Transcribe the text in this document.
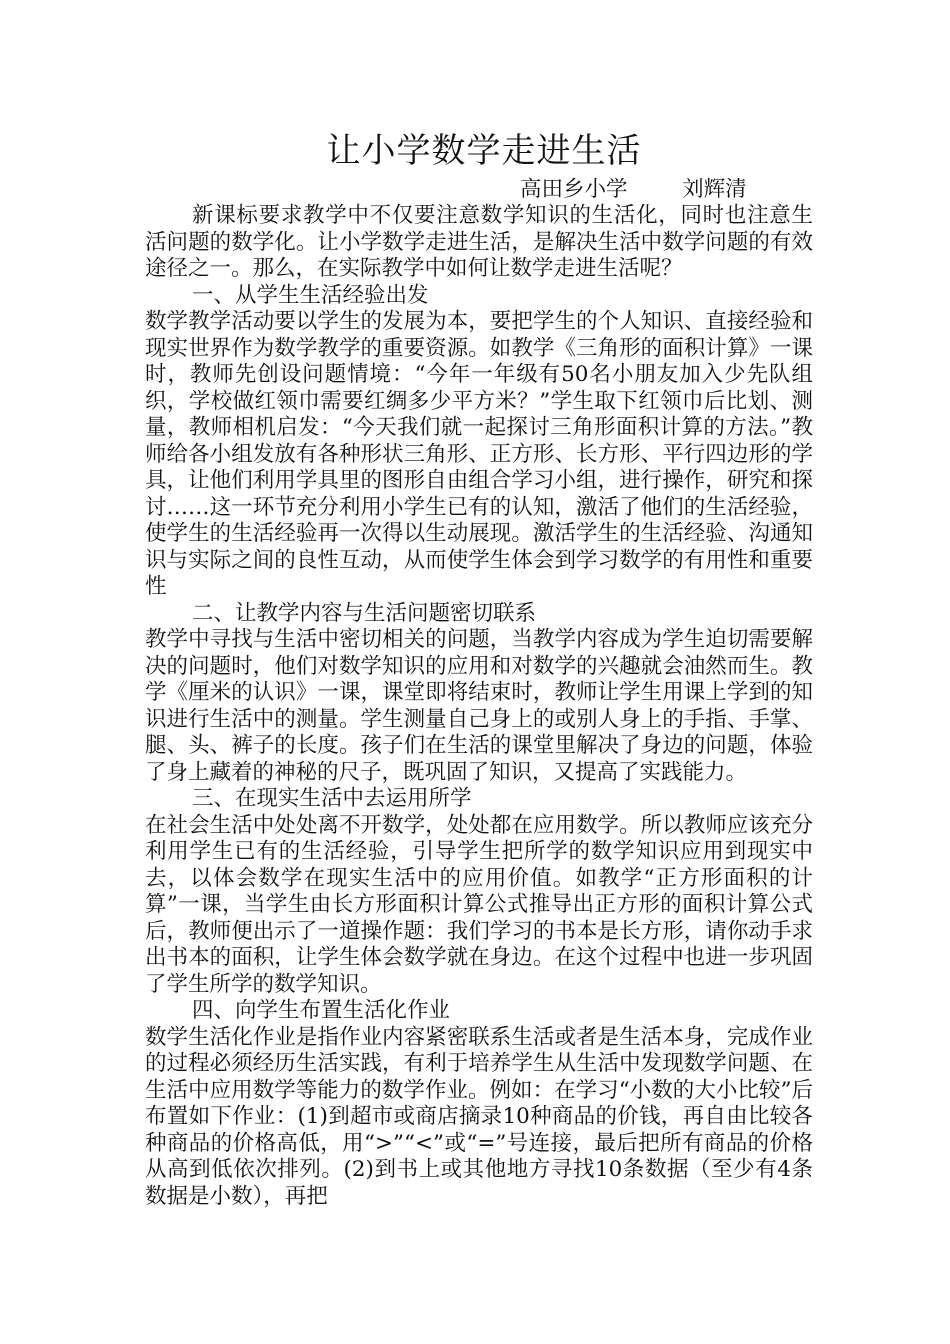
让小学数学走进生活

高田乡小学        刘辉清

新课标要求教学中不仅要注意数学知识的生活化，同时也注意生活问题的数学化。让小学数学走进生活，是解决生活中数学问题的有效途径之一。那么，在实际教学中如何让数学走进生活呢？

一、从学生生活经验出发

数学教学活动要以学生的发展为本，要把学生的个人知识、直接经验和现实世界作为数学教学的重要资源。如教学《三角形的面积计算》一课时，教师先创设问题情境：“今年一年级有50名小朋友加入少先队组织，学校做红领巾需要红绸多少平方米？”学生取下红领巾后比划、测量，教师相机启发：“今天我们就一起探讨三角形面积计算的方法。”教师给各小组发放有各种形状三角形、正方形、长方形、平行四边形的学具，让他们利用学具里的图形自由组合学习小组，进行操作，研究和探讨……这一环节充分利用小学生已有的认知，激活了他们的生活经验，使学生的生活经验再一次得以生动展现。激活学生的生活经验、沟通知识与实际之间的良性互动，从而使学生体会到学习数学的有用性和重要性

二、让教学内容与生活问题密切联系

教学中寻找与生活中密切相关的问题，当教学内容成为学生迫切需要解决的问题时，他们对数学知识的应用和对数学的兴趣就会油然而生。教学《厘米的认识》一课，课堂即将结束时，教师让学生用课上学到的知识进行生活中的测量。学生测量自己身上的或别人身上的手指、手掌、腿、头、裤子的长度。孩子们在生活的课堂里解决了身边的问题，体验了身上藏着的神秘的尺子，既巩固了知识，又提高了实践能力。

三、在现实生活中去运用所学

在社会生活中处处离不开数学，处处都在应用数学。所以教师应该充分利用学生已有的生活经验，引导学生把所学的数学知识应用到现实中去，以体会数学在现实生活中的应用价值。如教学“正方形面积的计算”一课，当学生由长方形面积计算公式推导出正方形的面积计算公式后，教师便出示了一道操作题：我们学习的书本是长方形，请你动手求出书本的面积，让学生体会数学就在身边。在这个过程中也进一步巩固了学生所学的数学知识。

四、向学生布置生活化作业

数学生活化作业是指作业内容紧密联系生活或者是生活本身，完成作业的过程必须经历生活实践，有利于培养学生从生活中发现数学问题、在生活中应用数学等能力的数学作业。例如：在学习“小数的大小比较”后布置如下作业：(1)到超市或商店摘录10种商品的价钱，再自由比较各种商品的价格高低，用“>”“<”或“=”号连接，最后把所有商品的价格从高到低依次排列。(2)到书上或其他地方寻找10条数据（至少有4条数据是小数），再把
